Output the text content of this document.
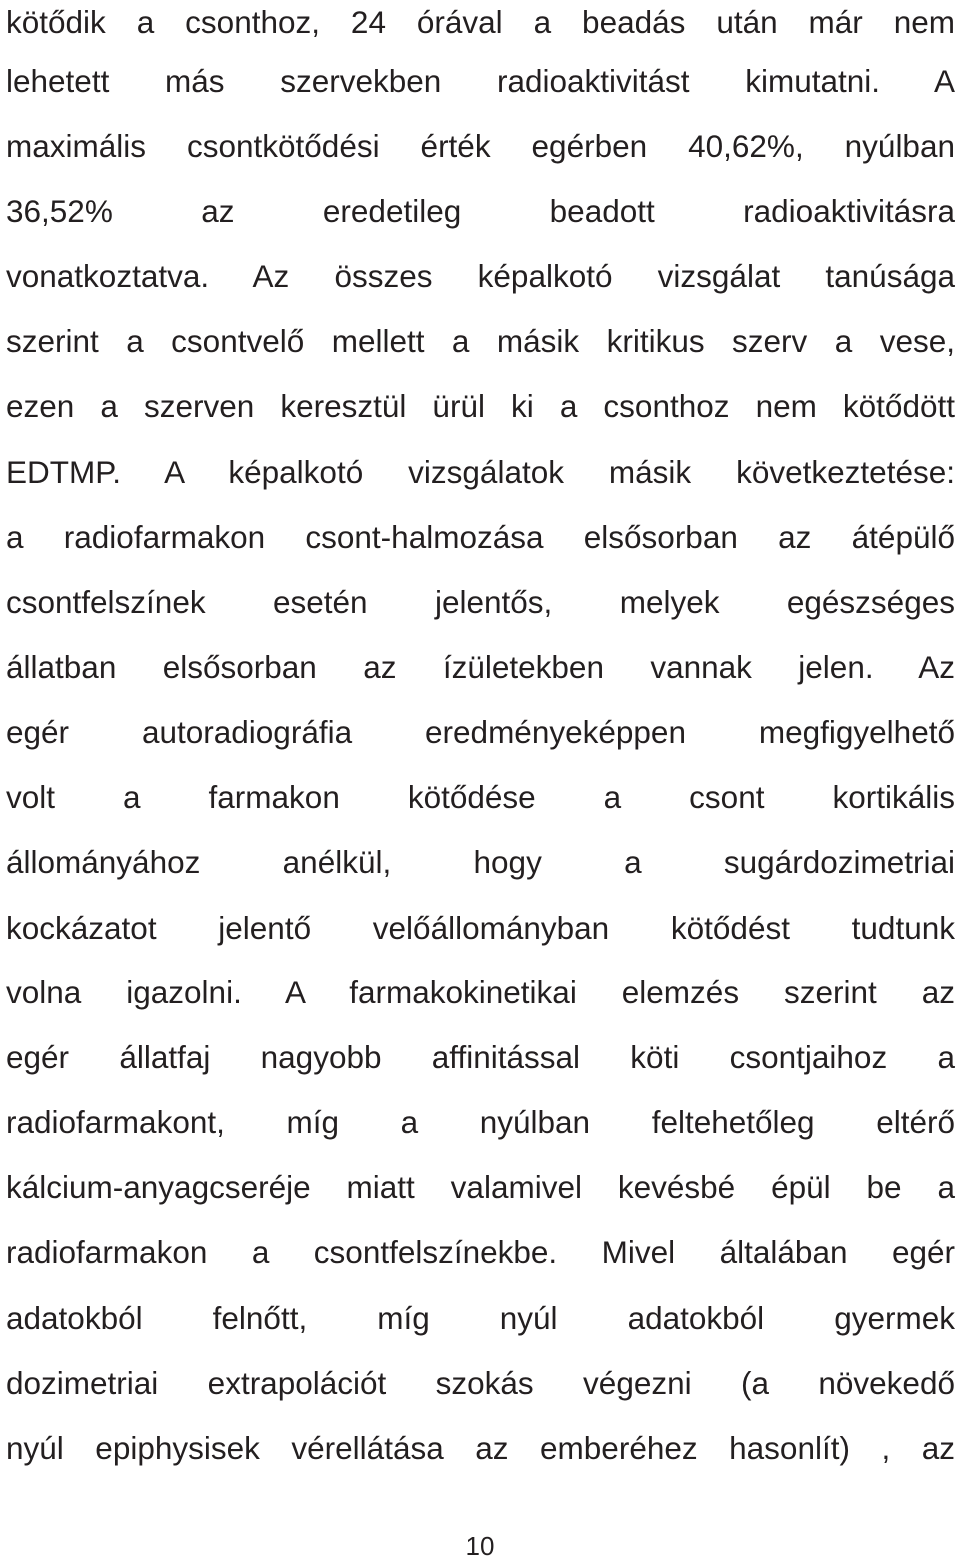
kötődik a csonthoz, 24 órával a beadás után már nem
lehetett más szervekben radioaktivitást kimutatni. A
maximális csontkötődési érték egérben 40,62%, nyúlban
36,52% az eredetileg beadott radioaktivitásra
vonatkoztatva. Az összes képalkotó vizsgálat tanúsága
szerint a csontvelő mellett a másik kritikus szerv a vese,
ezen a szerven keresztül ürül ki a csonthoz nem kötődött
EDTMP. A képalkotó vizsgálatok másik következtetése:
a radiofarmakon csont-halmozása elsősorban az átépülő
csontfelszínek esetén jelentős, melyek egészséges
állatban elsősorban az ízületekben vannak jelen. Az
egér autoradiográfia eredményeképpen megfigyelhető
volt a farmakon kötődése a csont kortikális
állományához anélkül, hogy a sugárdozimetriai
kockázatot jelentő velőállományban kötődést tudtunk
volna igazolni. A farmakokinetikai elemzés szerint az
egér állatfaj nagyobb affinitással köti csontjaihoz a
radiofarmakont, míg a nyúlban feltehetőleg eltérő
kálcium-anyagcseréje miatt valamivel kevésbé épül be a
radiofarmakon a csontfelszínekbe. Mivel általában egér
adatokból felnőtt, míg nyúl adatokból gyermek
dozimetriai extrapolációt szokás végezni (a növekedő
nyúl epiphysisek vérellátása az emberéhez hasonlít) , az
10
